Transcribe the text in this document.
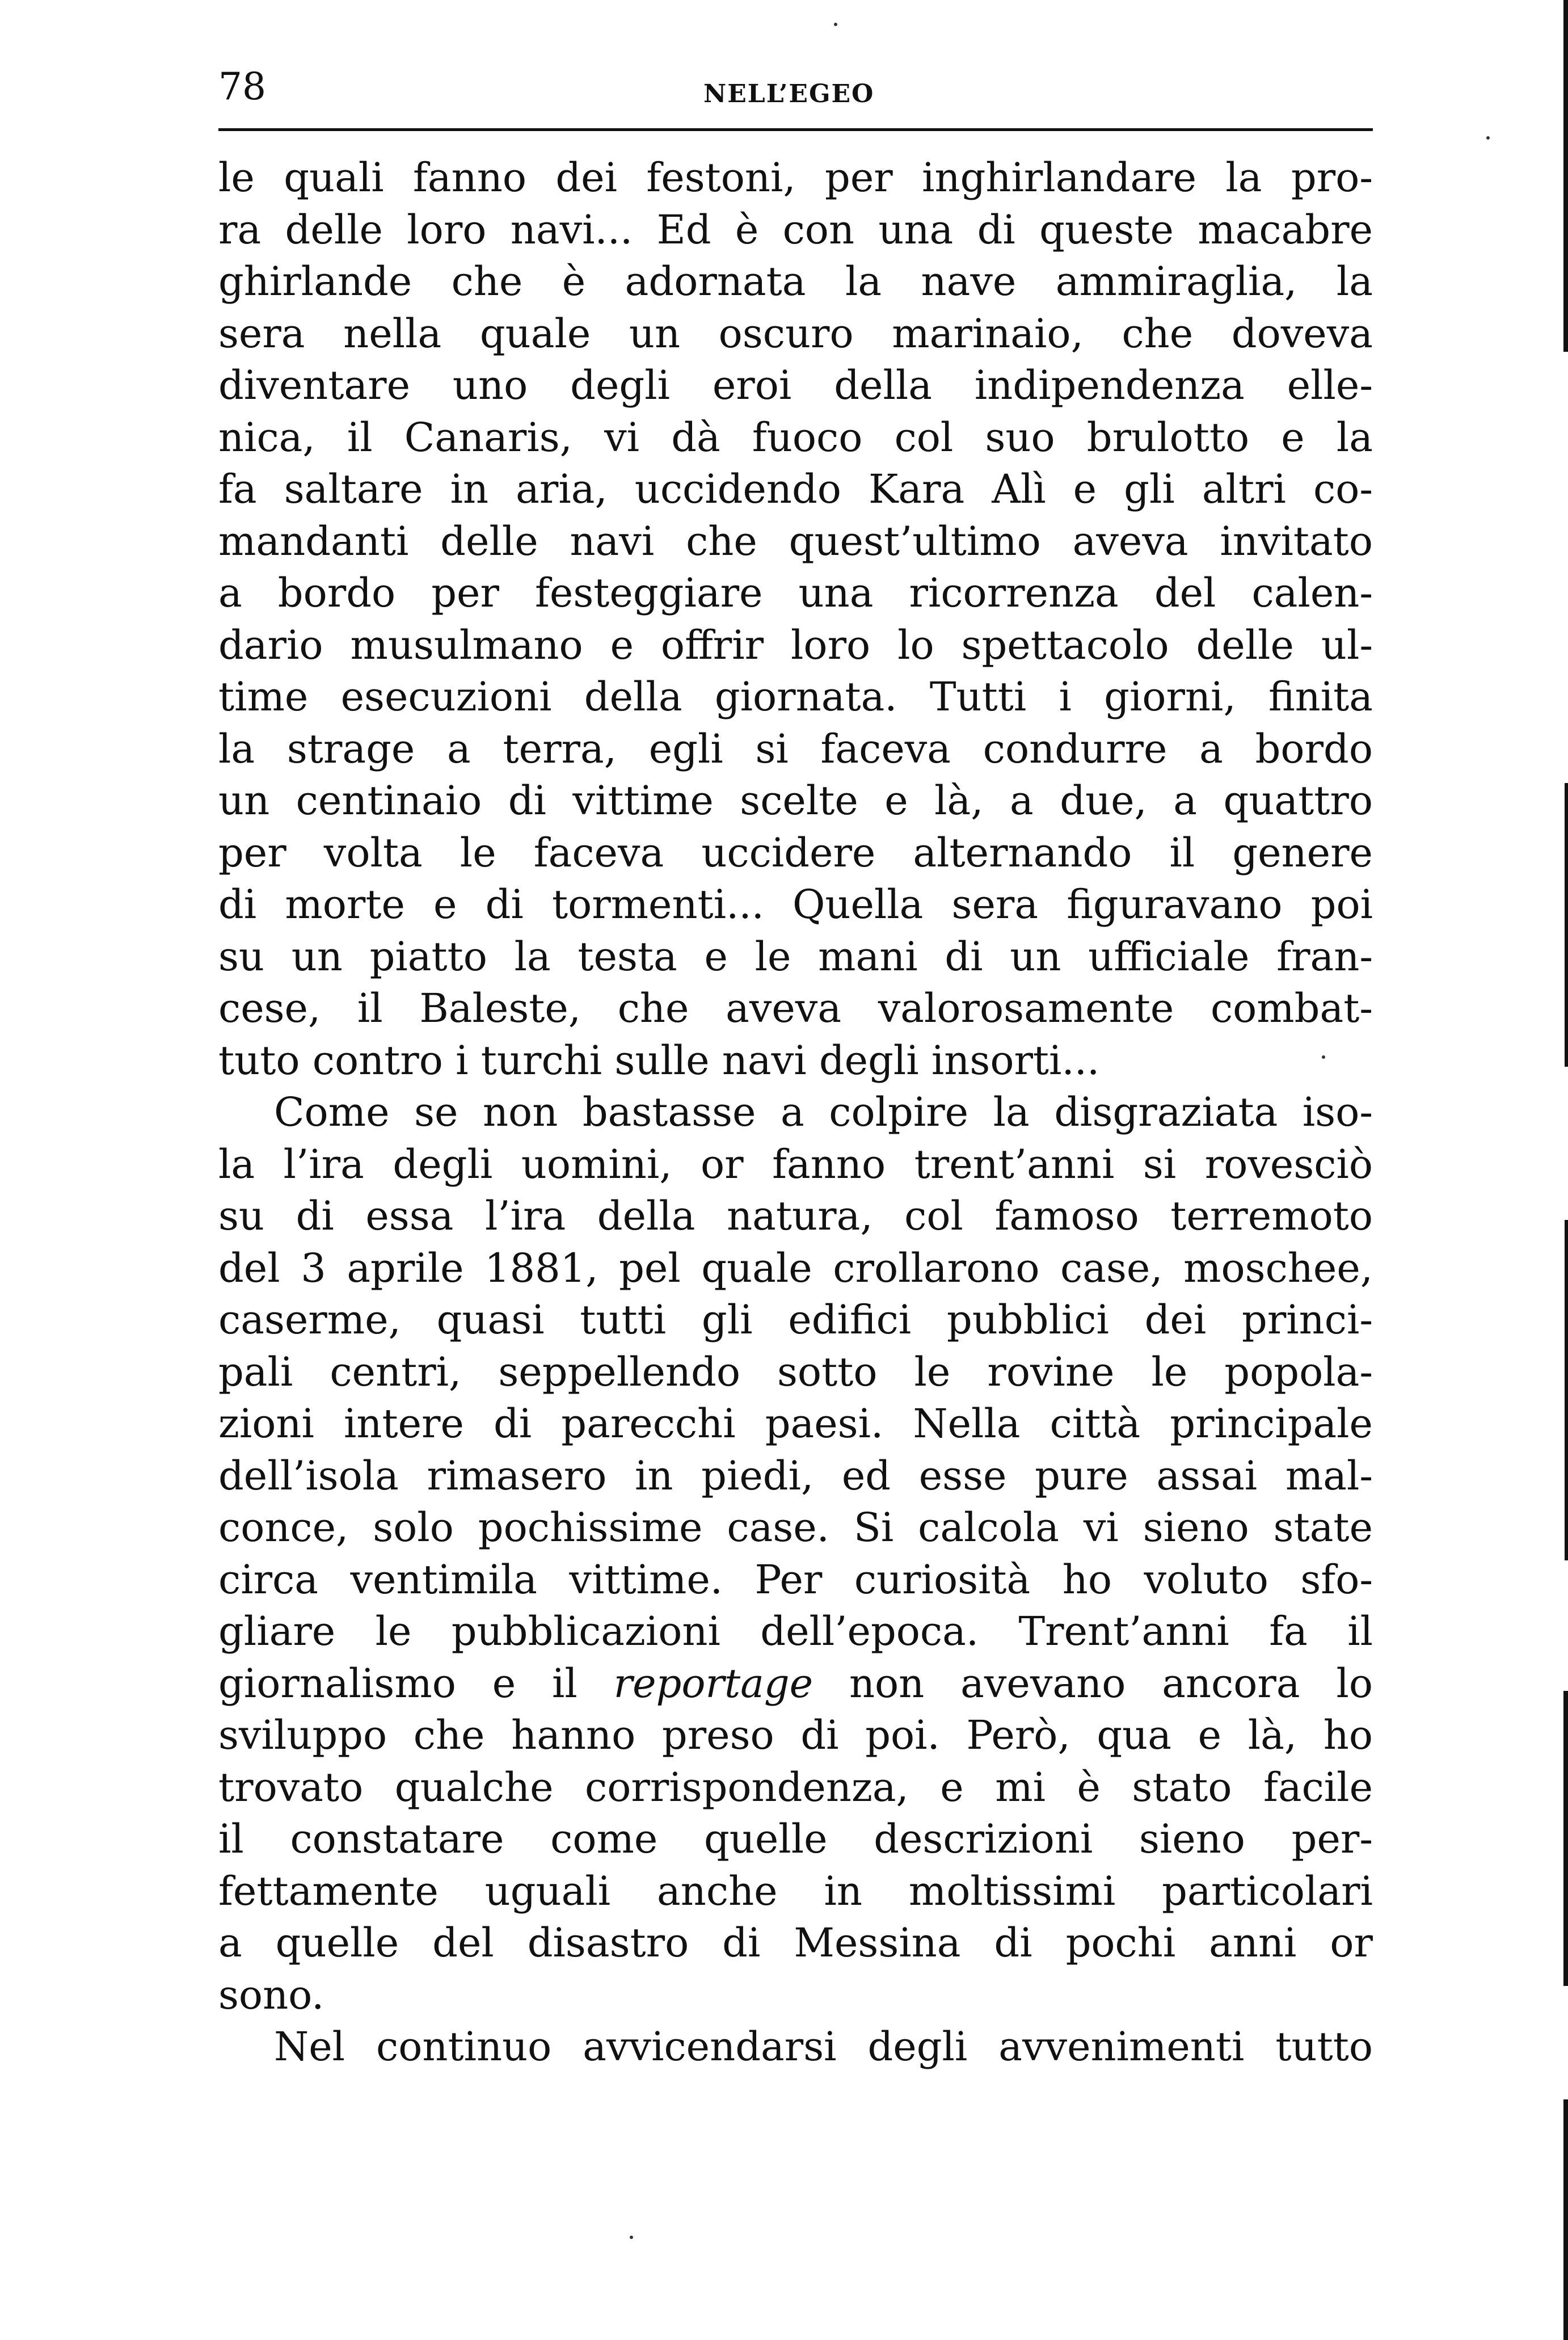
78	NELL’EGEO
le quali fanno dei festoni, per inghirlandare la pro-
ra delle loro navi... Ed è con una di queste macabre
ghirlande che è adornata la nave ammiraglia, la
sera nella quale un oscuro marinaio, che doveva
diventare uno degli eroi della indipendenza elle-
nica, il Canaris, vi dà fuoco col suo brulotto e la
fa saltare in aria, uccidendo Kara Alì e gli altri co-
mandanti delle navi che quest’ultimo aveva invitato
a bordo per festeggiare una ricorrenza del calen-
dario musulmano e offrir loro lo spettacolo delle ul-
time esecuzioni della giornata. Tutti i giorni, finita
la strage a terra, egli si faceva condurre a bordo
un centinaio di vittime scelte e là, a due, a quattro
per volta le faceva uccidere alternando il genere
di morte e di tormenti... Quella sera figuravano poi
su un piatto la testa e le mani di un ufficiale fran-
cese, il Baleste, che aveva valorosamente combat-
tuto contro i turchi sulle navi degli insorti...
Come se non bastasse a colpire la disgraziata iso-
la l’ira degli uomini, or fanno trent’anni si rovesciò
su di essa l’ira della natura, col famoso terremoto
del 3 aprile 1881, pel quale crollarono case, moschee,
caserme, quasi tutti gli edifici pubblici dei princi-
pali centri, seppellendo sotto le rovine le popola-
zioni intere di parecchi paesi. Nella città principale
dell’isola rimasero in piedi, ed esse pure assai mal-
conce, solo pochissime case. Si calcola vi sieno state
circa ventimila vittime. Per curiosità ho voluto sfo-
gliare le pubblicazioni dell’epoca. Trent’anni fa il
giornalismo e il reportage non avevano ancora lo
sviluppo che hanno preso di poi. Però, qua e là, ho
trovato qualche corrispondenza, e mi è stato facile
il constatare come quelle descrizioni sieno per-
fettamente uguali anche in moltissimi particolari
a quelle del disastro di Messina di pochi anni or
sono.
Nel continuo avvicendarsi degli avvenimenti tutto
